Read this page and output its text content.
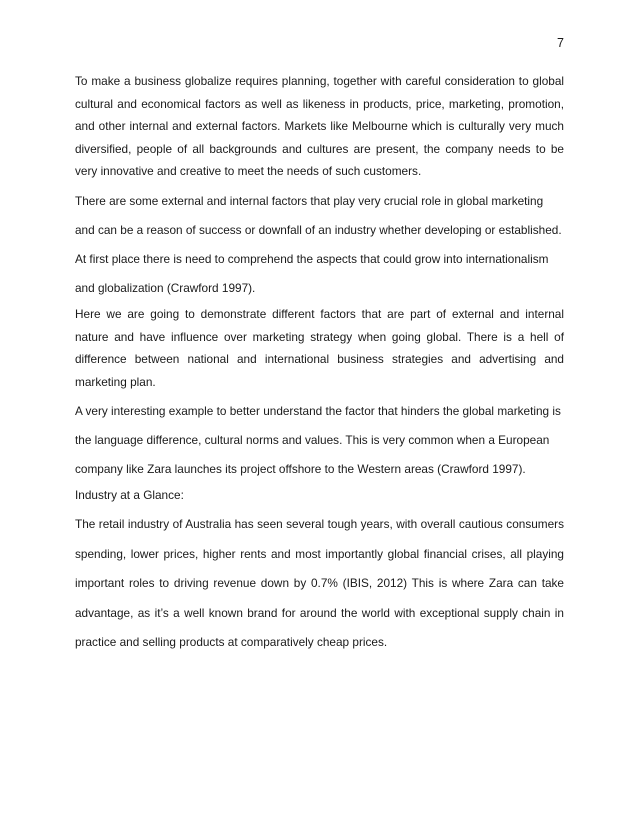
7

To make a business globalize requires planning, together with careful consideration to global cultural and economical factors as well as likeness in products, price, marketing, promotion, and other internal and external factors. Markets like Melbourne which is culturally very much diversified, people of all backgrounds and cultures are present, the company needs to be very innovative and creative to meet the needs of such customers.

There are some external and internal factors that play very crucial role in global marketing and can be a reason of success or downfall of an industry whether developing or established. At first place there is need to comprehend the aspects that could grow into internationalism and globalization (Crawford 1997).

Here we are going to demonstrate different factors that are part of external and internal nature and have influence over marketing strategy when going global. There is a hell of difference between national and international business strategies and advertising and marketing plan.

A very interesting example to better understand the factor that hinders the global marketing is the language difference, cultural norms and values. This is very common when a European company like Zara launches its project offshore to the Western areas (Crawford 1997).

Industry at a Glance:

The retail industry of Australia has seen several tough years, with overall cautious consumers spending, lower prices, higher rents and most importantly global financial crises, all playing important roles to driving revenue down by 0.7% (IBIS, 2012) This is where Zara can take advantage, as it’s a well known brand for around the world with exceptional supply chain in practice and selling products at comparatively cheap prices.
